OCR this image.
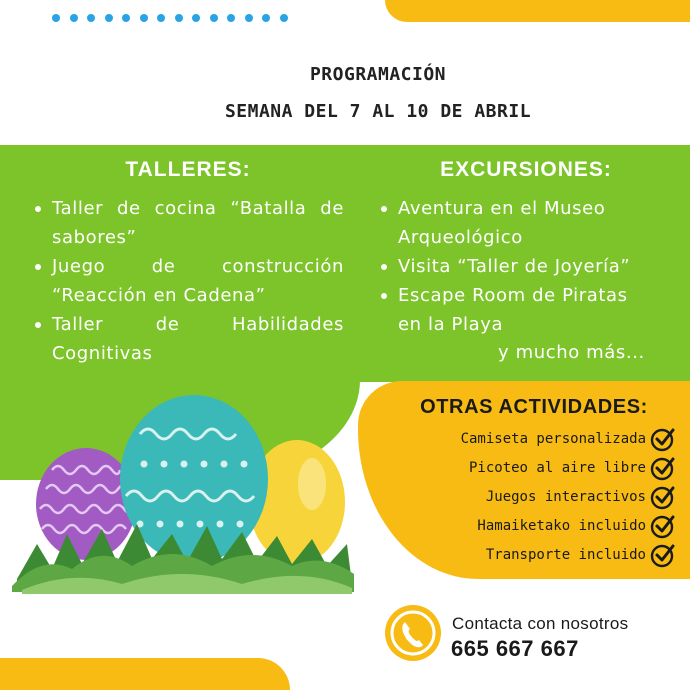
PROGRAMACIÓN
SEMANA DEL 7 AL 10 DE ABRIL
TALLERES:
Taller de cocina “Batalla de sabores”
Juego de construcción “Reacción en Cadena”
Taller de Habilidades Cognitivas
EXCURSIONES:
Aventura en el Museo Arqueológico
Visita “Taller de Joyería”
Escape Room de Piratas en la Playa
y mucho más...
OTRAS ACTIVIDADES:
Camiseta personalizada
Picoteo al aire libre
Juegos interactivos
Hamaiketako incluido
Transporte incluido
Contacta con nosotros
665 667 667
